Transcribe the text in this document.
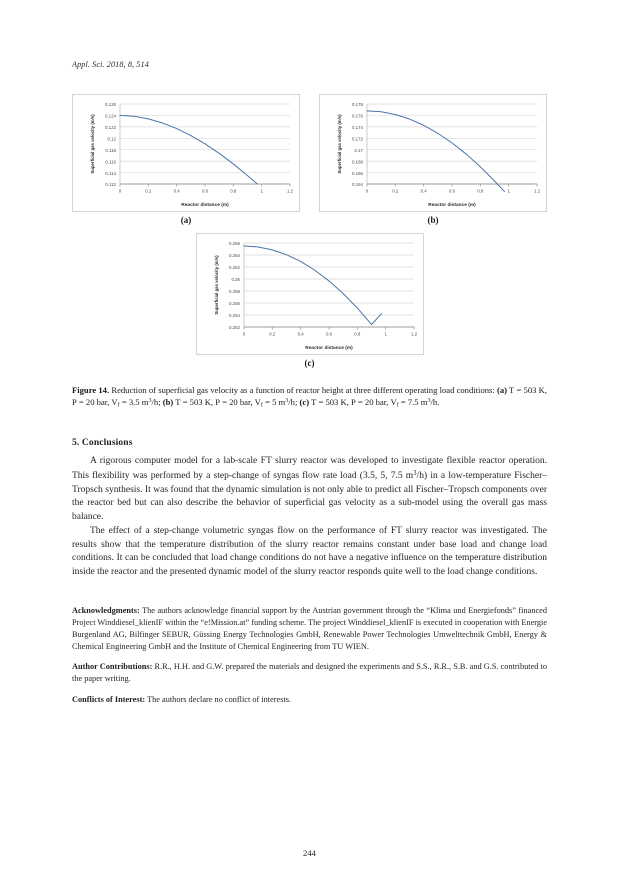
Appl. Sci. 2018, 8, 514
0.112
0.114
0.116
0.118
0.12
0.122
0.124
0.126
0	0.2	0.4	0.6	0.8	1	1.2
Reactor distance (m)
Superficial gas velocity (m/s)
(a)
0.164
0.166
0.168
0.17
0.172
0.174
0.176
0.178
0	0.2	0.4	0.6	0.8	1	1.2
Reactor distance (m)
Superficial gas velocity (m/s)
(b)
0.252
0.254
0.256
0.258
0.26
0.262
0.264
0.266
0	0.2	0.4	0.6	0.8	1	1.2
Reactor distance (m)
Superficial gas velocity (m/s)
(c)
Figure 14. Reduction of superficial gas velocity as a function of reactor height at three different operating load conditions: (a) T = 503 K, P = 20 bar, $V_f = 3.5$ $m^3/h$; (b) T = 503 K, P = 20 bar, $V_f = 5$ $m^3/h$; (c) T = 503 K, P = 20 bar, $V_f = 7.5$ $m^3/h$.
5. Conclusions

A rigorous computer model for a lab-scale FT slurry reactor was developed to investigate flexible reactor operation. This flexibility was performed by a step-change of syngas flow rate load (3.5, 5, 7.5 $m^3/h$) in a low-temperature Fischer–Tropsch synthesis. It was found that the dynamic simulation is not only able to predict all Fischer–Tropsch components over the reactor bed but can also describe the behavior of superficial gas velocity as a sub-model using the overall gas mass balance.

The effect of a step-change volumetric syngas flow on the performance of FT slurry reactor was investigated. The results show that the temperature distribution of the slurry reactor remains constant under base load and change load conditions. It can be concluded that load change conditions do not have a negative influence on the temperature distribution inside the reactor and the presented dynamic model of the slurry reactor responds quite well to the load change conditions.

Acknowledgments: The authors acknowledge financial support by the Austrian government through the “Klima und Energiefonds” financed Project Winddiesel_klienIF within the “e!Mission.at” funding scheme. The project Winddiesel_klienIF is executed in cooperation with Energie Burgenland AG, Bilfinger SEBUR, Güssing Energy Technologies GmbH, Renewable Power Technologies Umwelttechnik GmbH, Energy & Chemical Engineering GmbH and the Institute of Chemical Engineering from TU WIEN.

Author Contributions: R.R., H.H. and G.W. prepared the materials and designed the experiments and S.S., R.R., S.B. and G.S. contributed to the paper writing.

Conflicts of Interest: The authors declare no conflict of interests.

244
